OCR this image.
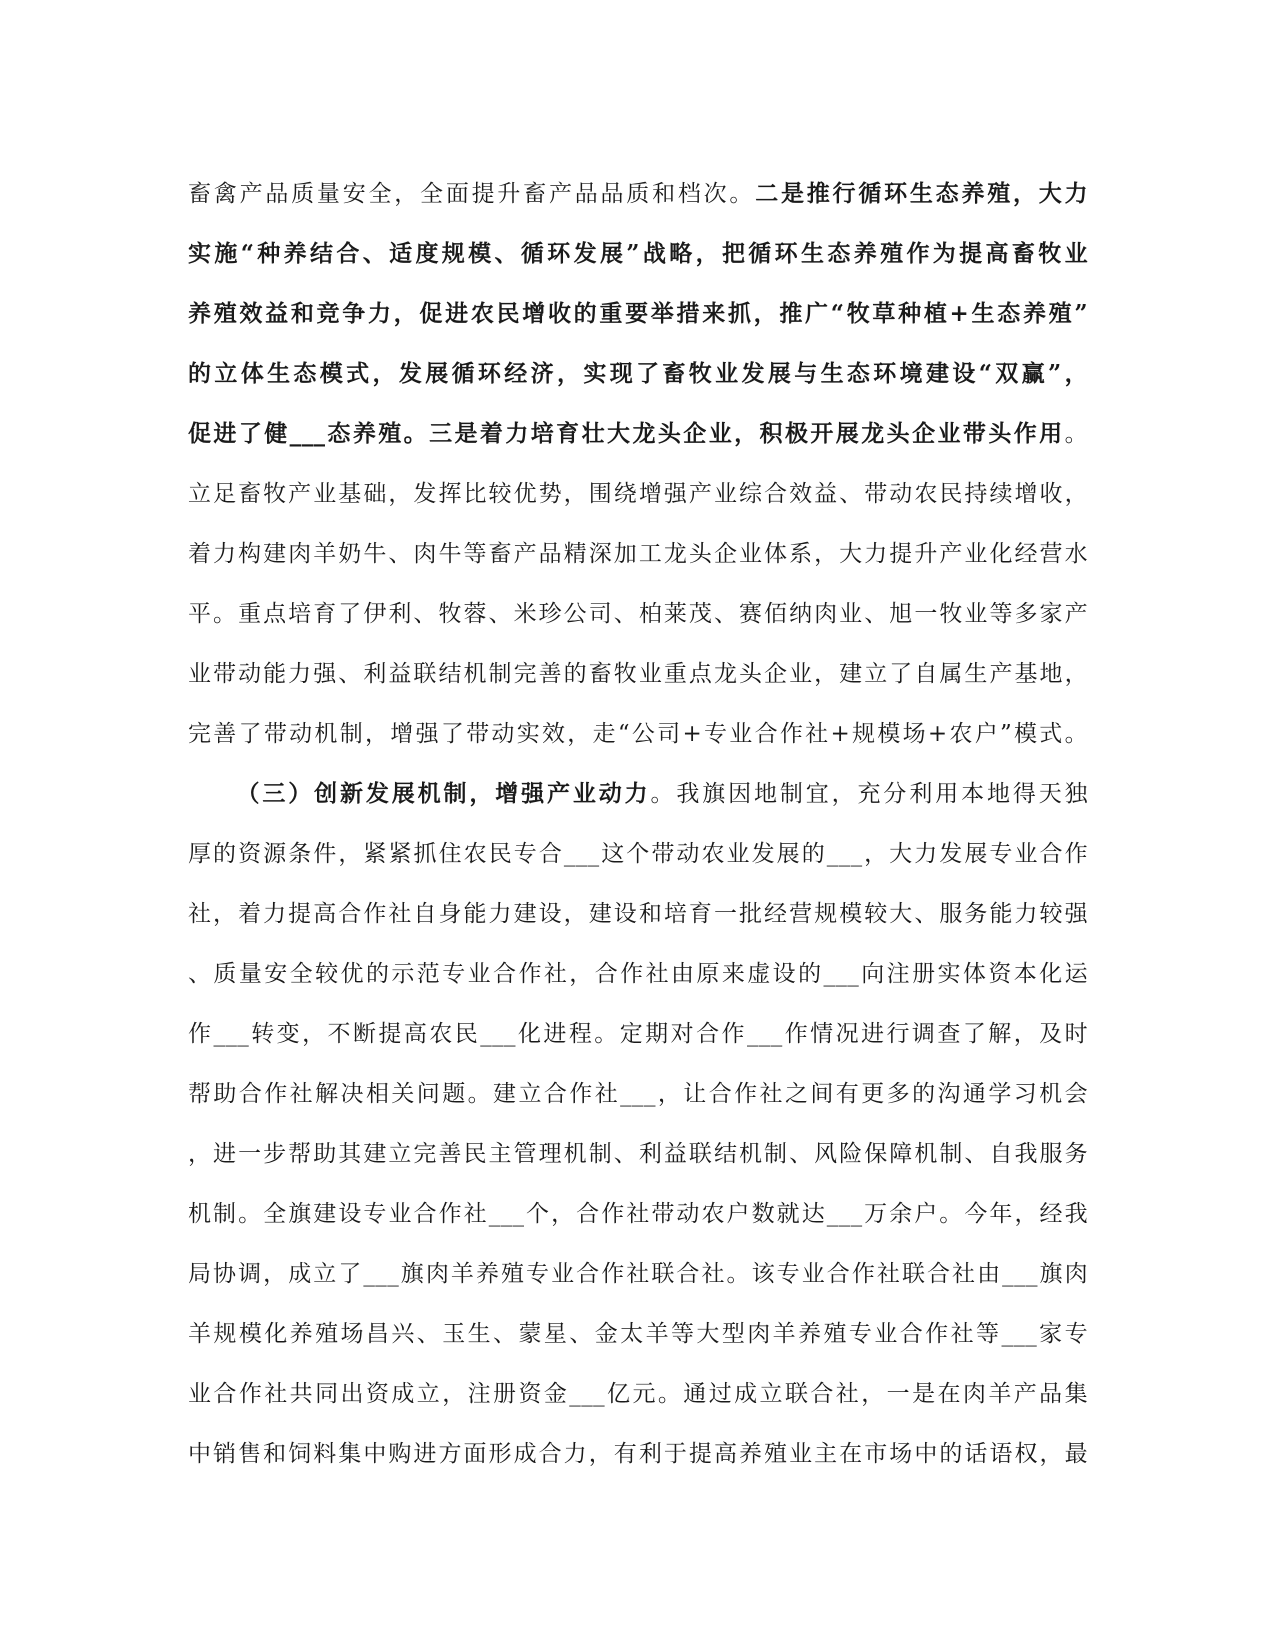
畜禽产品质量安全，全面提升畜产品品质和档次。二是推行循环生态养殖，大力
实施“种养结合、适度规模、循环发展”战略，把循环生态养殖作为提高畜牧业
养殖效益和竞争力，促进农民增收的重要举措来抓，推广“牧草种植+生态养殖”
的立体生态模式，发展循环经济，实现了畜牧业发展与生态环境建设“双赢”，
促进了健___态养殖。三是着力培育壮大龙头企业，积极开展龙头企业带头作用。
立足畜牧产业基础，发挥比较优势，围绕增强产业综合效益、带动农民持续增收，
着力构建肉羊奶牛、肉牛等畜产品精深加工龙头企业体系，大力提升产业化经营水
平。重点培育了伊利、牧蓉、米珍公司、柏莱茂、赛佰纳肉业、旭一牧业等多家产
业带动能力强、利益联结机制完善的畜牧业重点龙头企业，建立了自属生产基地，
完善了带动机制，增强了带动实效，走“公司+专业合作社+规模场+农户”模式。
（三）创新发展机制，增强产业动力。我旗因地制宜，充分利用本地得天独
厚的资源条件，紧紧抓住农民专合___这个带动农业发展的___，大力发展专业合作
社，着力提高合作社自身能力建设，建设和培育一批经营规模较大、服务能力较强
、质量安全较优的示范专业合作社，合作社由原来虚设的___向注册实体资本化运
作___转变，不断提高农民___化进程。定期对合作___作情况进行调查了解，及时
帮助合作社解决相关问题。建立合作社___，让合作社之间有更多的沟通学习机会
，进一步帮助其建立完善民主管理机制、利益联结机制、风险保障机制、自我服务
机制。全旗建设专业合作社___个，合作社带动农户数就达___万余户。今年，经我
局协调，成立了___旗肉羊养殖专业合作社联合社。该专业合作社联合社由___旗肉
羊规模化养殖场昌兴、玉生、蒙星、金太羊等大型肉羊养殖专业合作社等___家专
业合作社共同出资成立，注册资金___亿元。通过成立联合社，一是在肉羊产品集
中销售和饲料集中购进方面形成合力，有利于提高养殖业主在市场中的话语权，最
